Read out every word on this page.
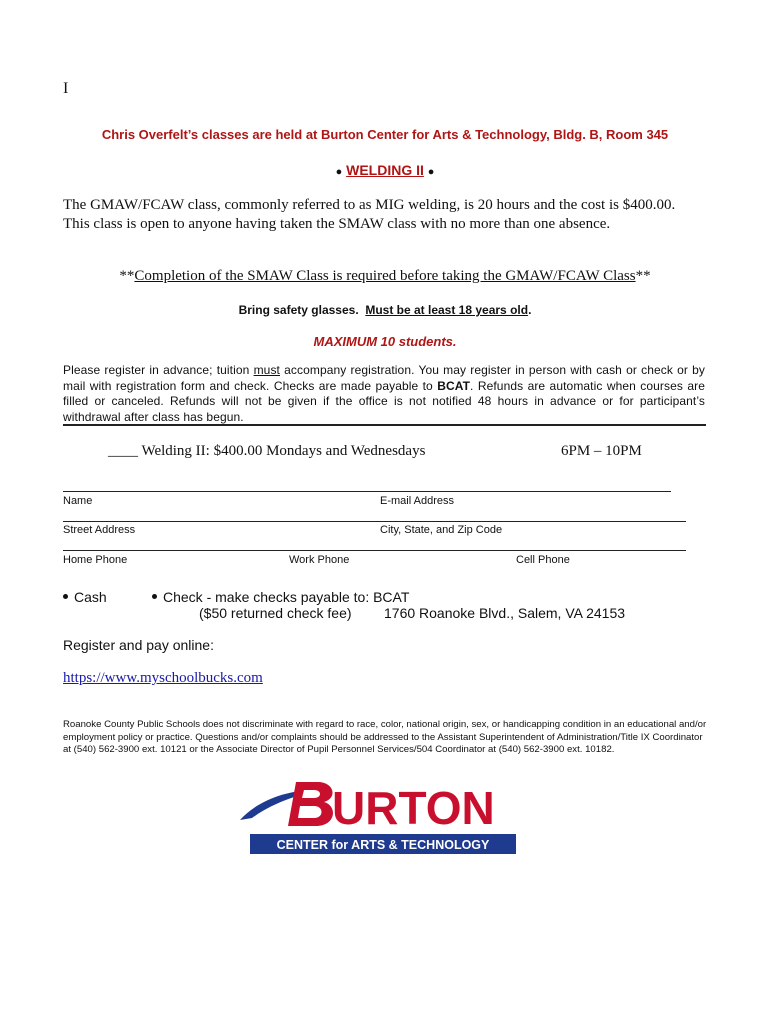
I
Chris Overfelt’s classes are held at Burton Center for Arts & Technology, Bldg. B, Room 345
● WELDING II ●
The GMAW/FCAW class, commonly referred to as MIG welding, is 20 hours and the cost is $400.00.
This class is open to anyone having taken the SMAW class with no more than one absence.
**Completion of the SMAW Class is required before taking the GMAW/FCAW Class**
Bring safety glasses. Must be at least 18 years old.
MAXIMUM 10 students.
Please register in advance; tuition must accompany registration. You may register in person with cash or check or by mail with registration form and check. Checks are made payable to BCAT. Refunds are automatic when courses are filled or canceled. Refunds will not be given if the office is not notified 48 hours in advance or for participant’s withdrawal after class has begun.
____ Welding II: $400.00 Mondays and Wednesdays	6PM – 10PM
Name	E-mail Address
Street Address	City, State, and Zip Code
Home Phone	Work Phone	Cell Phone
Cash	Check - make checks payable to: BCAT
($50 returned check fee) 1760 Roanoke Blvd., Salem, VA 24153
Register and pay online:
https://www.myschoolbucks.com
Roanoke County Public Schools does not discriminate with regard to race, color, national origin, sex, or handicapping condition in an educational and/or employment policy or practice. Questions and/or complaints should be addressed to the Assistant Superintendent of Administration/Title IX Coordinator at (540) 562-3900 ext. 10121 or the Associate Director of Pupil Personnel Services/504 Coordinator at (540) 562-3900 ext. 10182.
URTON
CENTER for ARTS & TECHNOLOGY
